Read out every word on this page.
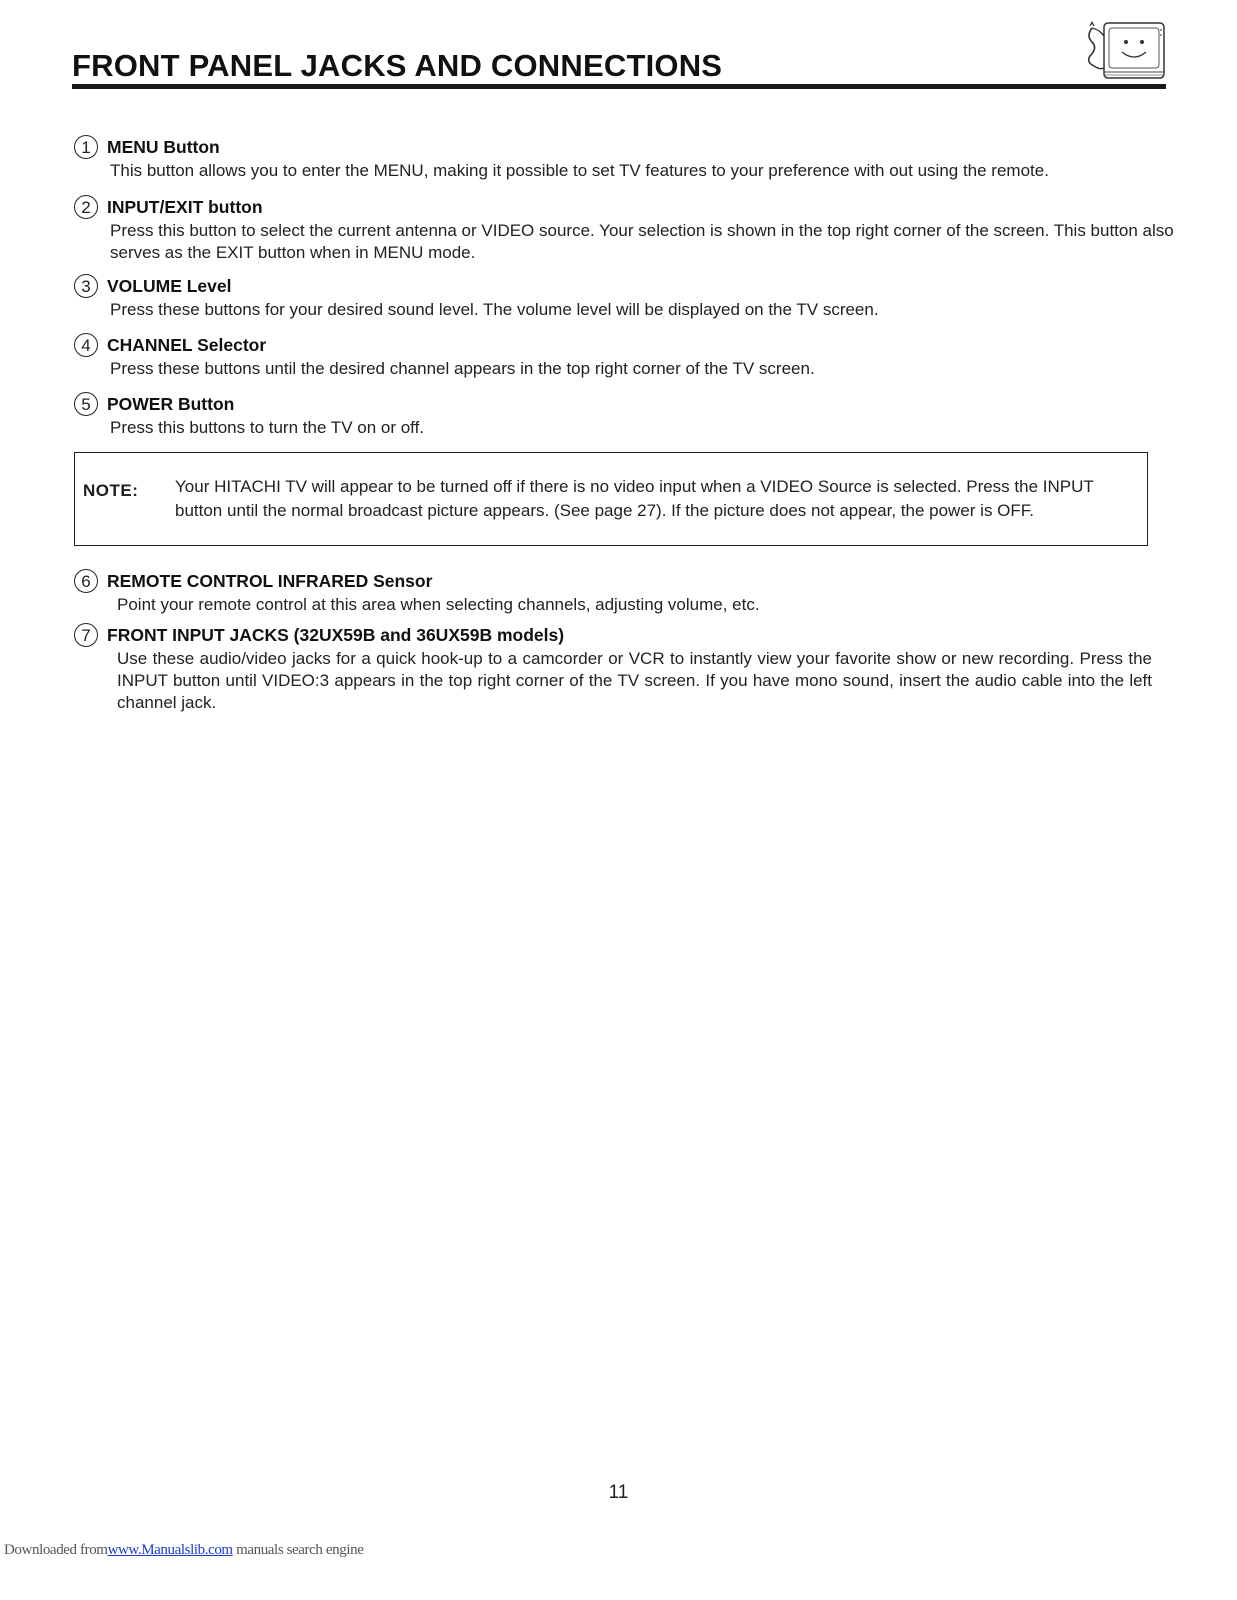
FRONT PANEL JACKS AND CONNECTIONS
1 MENU Button
This button allows you to enter the MENU, making it possible to set TV features to your preference with out using the remote.
2 INPUT/EXIT button
Press this button to select the current antenna or VIDEO source. Your selection is shown in the top right corner of the screen. This button also serves as the EXIT button when in MENU mode.
3 VOLUME Level
Press these buttons for your desired sound level. The volume level will be displayed on the TV screen.
4 CHANNEL Selector
Press these buttons until the desired channel appears in the top right corner of the TV screen.
5 POWER Button
Press this buttons to turn the TV on or off.
NOTE: Your HITACHI TV will appear to be turned off if there is no video input when a VIDEO Source is selected. Press the INPUT button until the normal broadcast picture appears. (See page 27). If the picture does not appear, the power is OFF.
6 REMOTE CONTROL INFRARED Sensor
Point your remote control at this area when selecting channels, adjusting volume, etc.
7 FRONT INPUT JACKS (32UX59B and 36UX59B models)
Use these audio/video jacks for a quick hook-up to a camcorder or VCR to instantly view your favorite show or new recording. Press the INPUT button until VIDEO:3 appears in the top right corner of the TV screen. If you have mono sound, insert the audio cable into the left channel jack.
11
Downloaded fromwww.Manualslib.com manuals search engine
